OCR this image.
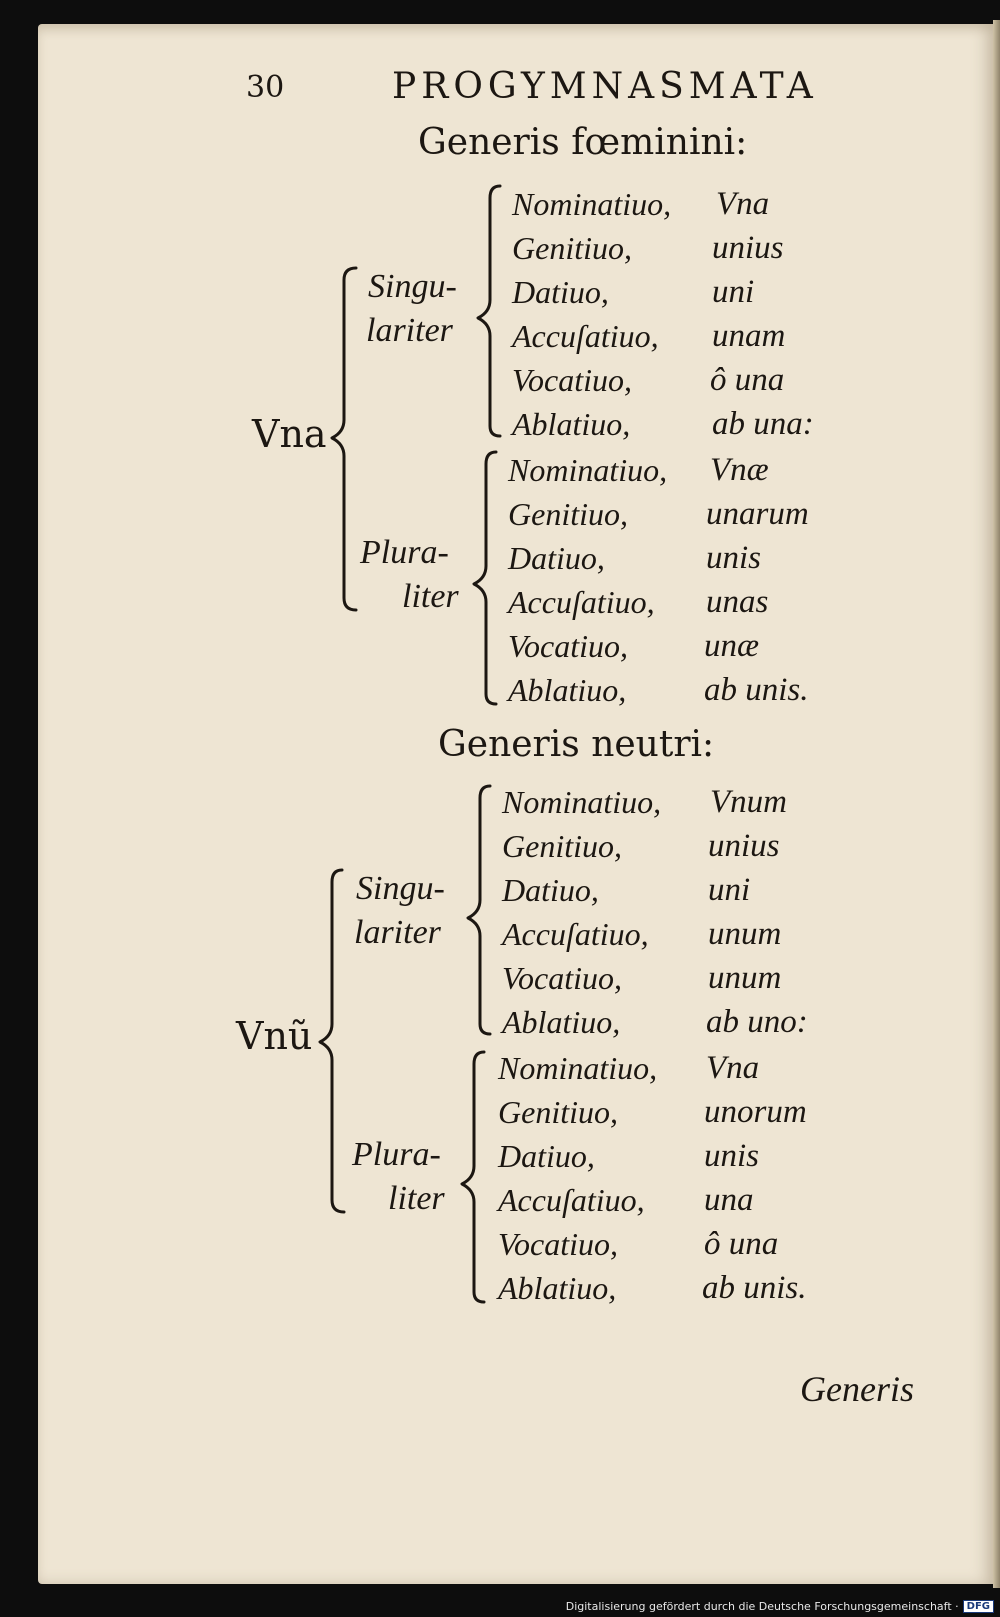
30	PROGYMNASMATA
Generis fœminini:
Vna
Singu-
lariter
Plura-
liter
Nominatiuo, Vna
Genitiuo, unius
Datiuo,	uni
Accuſatiuo, unam
Vocatiuo, ô una
Ablatiuo, ab una:
Nominatiuo, Vnæ
Genitiuo, unarum
Datiuo,	unis
Accuſatiuo, unas
Vocatiuo, unæ
Ablatiuo, ab unis.
Generis neutri:
Vnũ
Singu-
lariter
Plura-
liter
Nominatiuo, Vnum
Genitiuo,	unius
Datiuo,	uni
Accuſatiuo, unum
Vocatiuo,	unum
Ablatiuo,	ab uno:
Nominatiuo, Vna
Genitiuo,	unorum
Datiuo,	unis
Accuſatiuo, una
Vocatiuo,	ô una
Ablatiuo,	ab unis.
Generis
Digitalisierung gefördert durch die Deutsche Forschungsgemeinschaft · DFG
